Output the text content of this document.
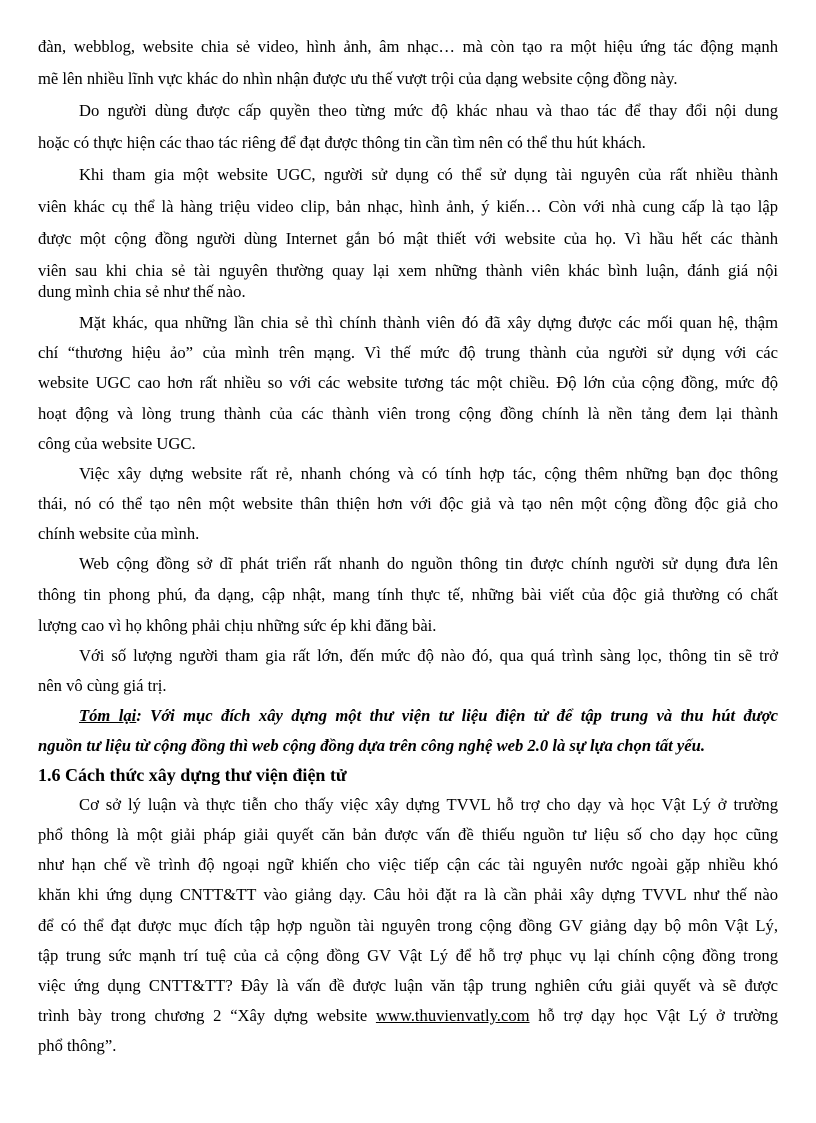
đàn, webblog, website chia sẻ video, hình ảnh, âm nhạc… mà còn tạo ra một hiệu ứng tác động mạnh
mẽ lên nhiều lĩnh vực khác do nhìn nhận được ưu thế vượt trội của dạng website cộng đồng này.
Do người dùng được cấp quyền theo từng mức độ khác nhau và thao tác để thay đổi nội dung
hoặc có thực hiện các thao tác riêng để đạt được thông tin cần tìm nên có thể thu hút khách.
Khi tham gia một website UGC, người sử dụng có thể sử dụng tài nguyên của rất nhiều thành
viên khác cụ thể là hàng triệu video clip, bản nhạc, hình ảnh, ý kiến… Còn với nhà cung cấp là tạo lập
được một cộng đồng người dùng Internet gắn bó mật thiết với website của họ. Vì hầu hết các thành
viên sau khi chia sẻ tài nguyên thường quay lại xem những thành viên khác bình luận, đánh giá nội
dung mình chia sẻ như thế nào.
Mặt khác, qua những lần chia sẻ thì chính thành viên đó đã xây dựng được các mối quan hệ, thậm
chí “thương hiệu ảo” của mình trên mạng. Vì thế mức độ trung thành của người sử dụng với các
website UGC cao hơn rất nhiều so với các website tương tác một chiều. Độ lớn của cộng đồng, mức độ
hoạt động và lòng trung thành của các thành viên trong cộng đồng chính là nền tảng đem lại thành
công của website UGC.
Việc xây dựng website rất rẻ, nhanh chóng và có tính hợp tác, cộng thêm những bạn đọc thông
thái, nó có thể tạo nên một website thân thiện hơn với độc giả và tạo nên một cộng đồng độc giả cho
chính website của mình.
Web cộng đồng sở dĩ phát triển rất nhanh do nguồn thông tin được chính người sử dụng đưa lên
thông tin phong phú, đa dạng, cập nhật, mang tính thực tế, những bài viết của độc giả thường có chất
lượng cao vì họ không phải chịu những sức ép khi đăng bài.
Với số lượng người tham gia rất lớn, đến mức độ nào đó, qua quá trình sàng lọc, thông tin sẽ trở
nên vô cùng giá trị.
Tóm lại: Với mục đích xây dựng một thư viện tư liệu điện tử để tập trung và thu hút được
nguồn tư liệu từ cộng đồng thì web cộng đồng dựa trên công nghệ web 2.0 là sự lựa chọn tất yếu.
1.6 Cách thức xây dựng thư viện điện tử
Cơ sở lý luận và thực tiễn cho thấy việc xây dựng TVVL hỗ trợ cho dạy và học Vật Lý ở trường
phổ thông là một giải pháp giải quyết căn bản được vấn đề thiếu nguồn tư liệu số cho dạy học cũng
như hạn chế về trình độ ngoại ngữ khiến cho việc tiếp cận các tài nguyên nước ngoài gặp nhiều khó
khăn khi ứng dụng CNTT&TT vào giảng dạy. Câu hỏi đặt ra là cần phải xây dựng TVVL như thế nào
để có thể đạt được mục đích tập hợp nguồn tài nguyên trong cộng đồng GV giảng dạy bộ môn Vật Lý,
tập trung sức mạnh trí tuệ của cả cộng đồng GV Vật Lý để hỗ trợ phục vụ lại chính cộng đồng trong
việc ứng dụng CNTT&TT? Đây là vấn đề được luận văn tập trung nghiên cứu giải quyết và sẽ được
trình bày trong chương 2 “Xây dựng website www.thuvienvatly.com hỗ trợ dạy học Vật Lý ở trường
phổ thông”.
